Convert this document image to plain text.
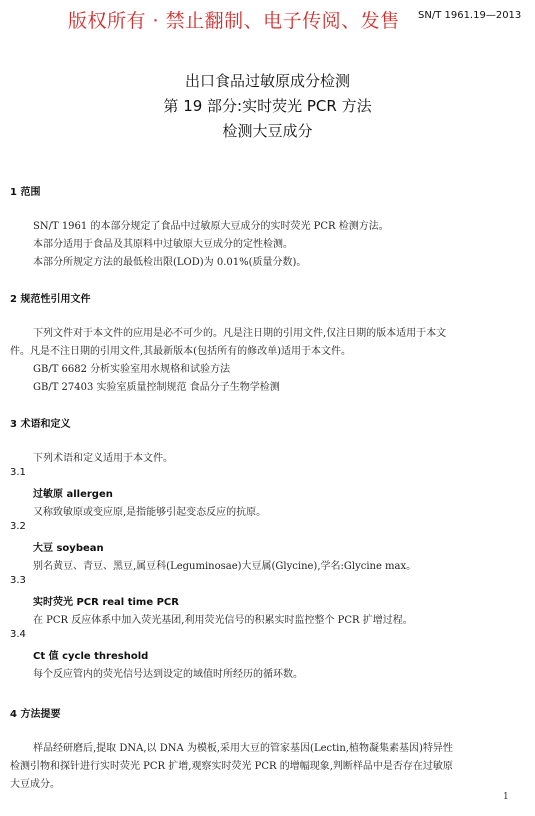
版权所有 · 禁止翻制、电子传阅、发售 SN/T 1961.19—2013
出口食品过敏原成分检测
第 19 部分:实时荧光 PCR 方法
检测大豆成分
1 范围
SN/T 1961 的本部分规定了食品中过敏原大豆成分的实时荧光 PCR 检测方法。
本部分适用于食品及其原料中过敏原大豆成分的定性检测。
本部分所规定方法的最低检出限(LOD)为 0.01%(质量分数)。
2 规范性引用文件
下列文件对于本文件的应用是必不可少的。凡是注日期的引用文件,仅注日期的版本适用于本文
件。凡是不注日期的引用文件,其最新版本(包括所有的修改单)适用于本文件。
GB/T 6682 分析实验室用水规格和试验方法
GB/T 27403 实验室质量控制规范 食品分子生物学检测
3 术语和定义
下列术语和定义适用于本文件。
3.1
过敏原 allergen
又称致敏原或变应原,是指能够引起变态反应的抗原。
3.2
大豆 soybean
别名黄豆、青豆、黑豆,属豆科(Leguminosae)大豆属(Glycine),学名:Glycine max。
3.3
实时荧光 PCR real time PCR
在 PCR 反应体系中加入荧光基团,利用荧光信号的积累实时监控整个 PCR 扩增过程。
3.4
Ct 值 cycle threshold
每个反应管内的荧光信号达到设定的域值时所经历的循环数。
4 方法提要
样品经研磨后,提取 DNA,以 DNA 为模板,采用大豆的管家基因(Lectin,植物凝集素基因)特异性
检测引物和探针进行实时荧光 PCR 扩增,观察实时荧光 PCR 的增幅现象,判断样品中是否存在过敏原
大豆成分。
1
